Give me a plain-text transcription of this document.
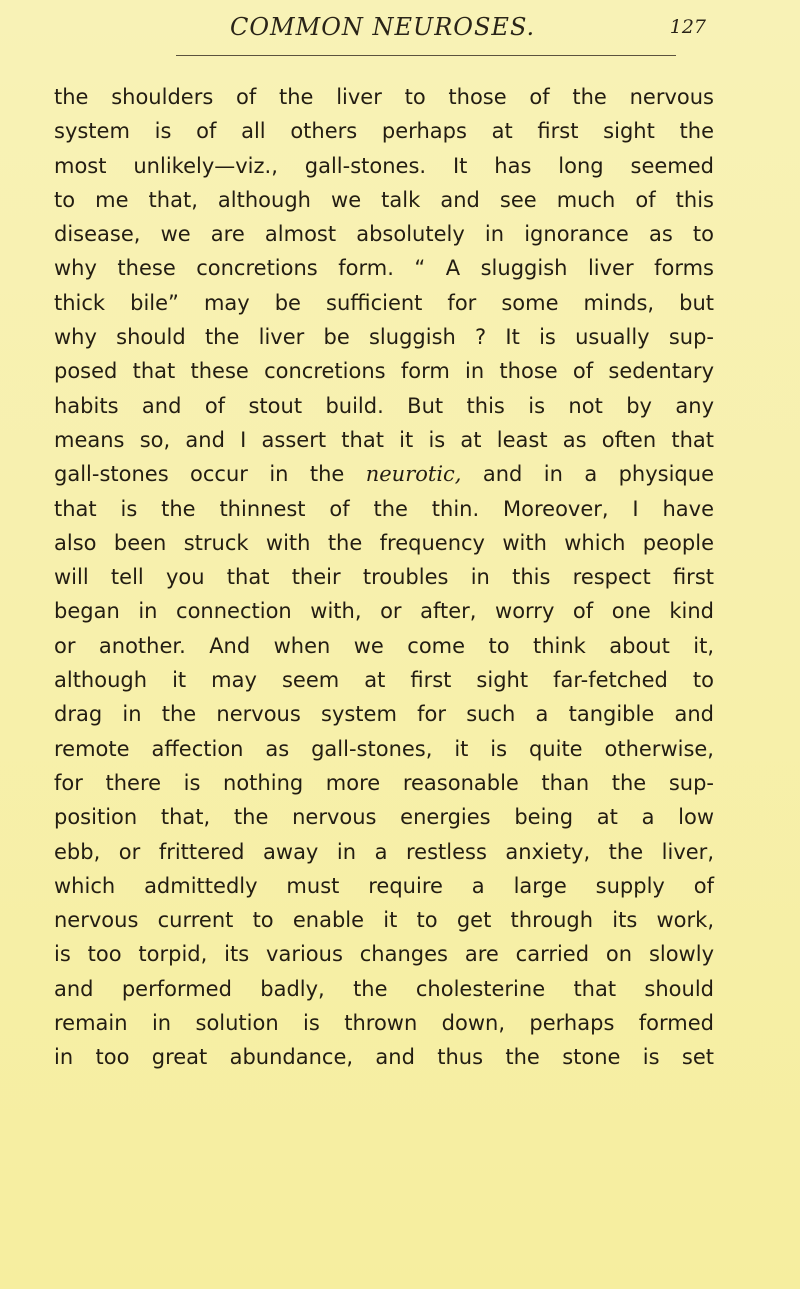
COMMON NEUROSES.	127
the shoulders of the liver to those of the nervous
system is of all others perhaps at first sight the
most unlikely—viz., gall-stones. It has long seemed
to me that, although we talk and see much of this
disease, we are almost absolutely in ignorance as to
why these concretions form. “ A sluggish liver forms
thick bile” may be sufficient for some minds, but
why should the liver be sluggish ? It is usually sup-
posed that these concretions form in those of sedentary
habits and of stout build. But this is not by any
means so, and I assert that it is at least as often that
gall-stones occur in the neurotic, and in a physique
that is the thinnest of the thin. Moreover, I have
also been struck with the frequency with which people
will tell you that their troubles in this respect first
began in connection with, or after, worry of one kind
or another. And when we come to think about it,
although it may seem at first sight far-fetched to
drag in the nervous system for such a tangible and
remote affection as gall-stones, it is quite otherwise,
for there is nothing more reasonable than the sup-
position that, the nervous energies being at a low
ebb, or frittered away in a restless anxiety, the liver,
which admittedly must require a large supply of
nervous current to enable it to get through its work,
is too torpid, its various changes are carried on slowly
and performed badly, the cholesterine that should
remain in solution is thrown down, perhaps formed
in too great abundance, and thus the stone is set
